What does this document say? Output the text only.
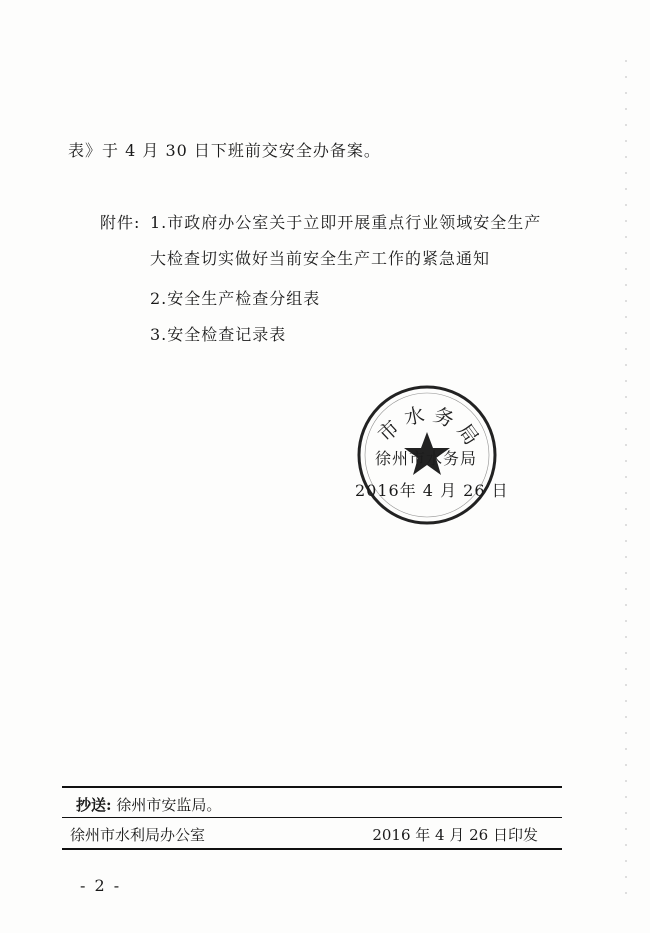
表》于 4 月 30 日下班前交安全办备案。
附件: 1.市政府办公室关于立即开展重点行业领域安全生产
大检查切实做好当前安全生产工作的紧急通知
2.安全生产检查分组表
3.安全检查记录表
市水务局
徐州市水务局
2016年 4 月 26 日
抄送: 徐州市安监局。
徐州市水利局办公室	2016 年 4 月 26 日印发
- 2 -
